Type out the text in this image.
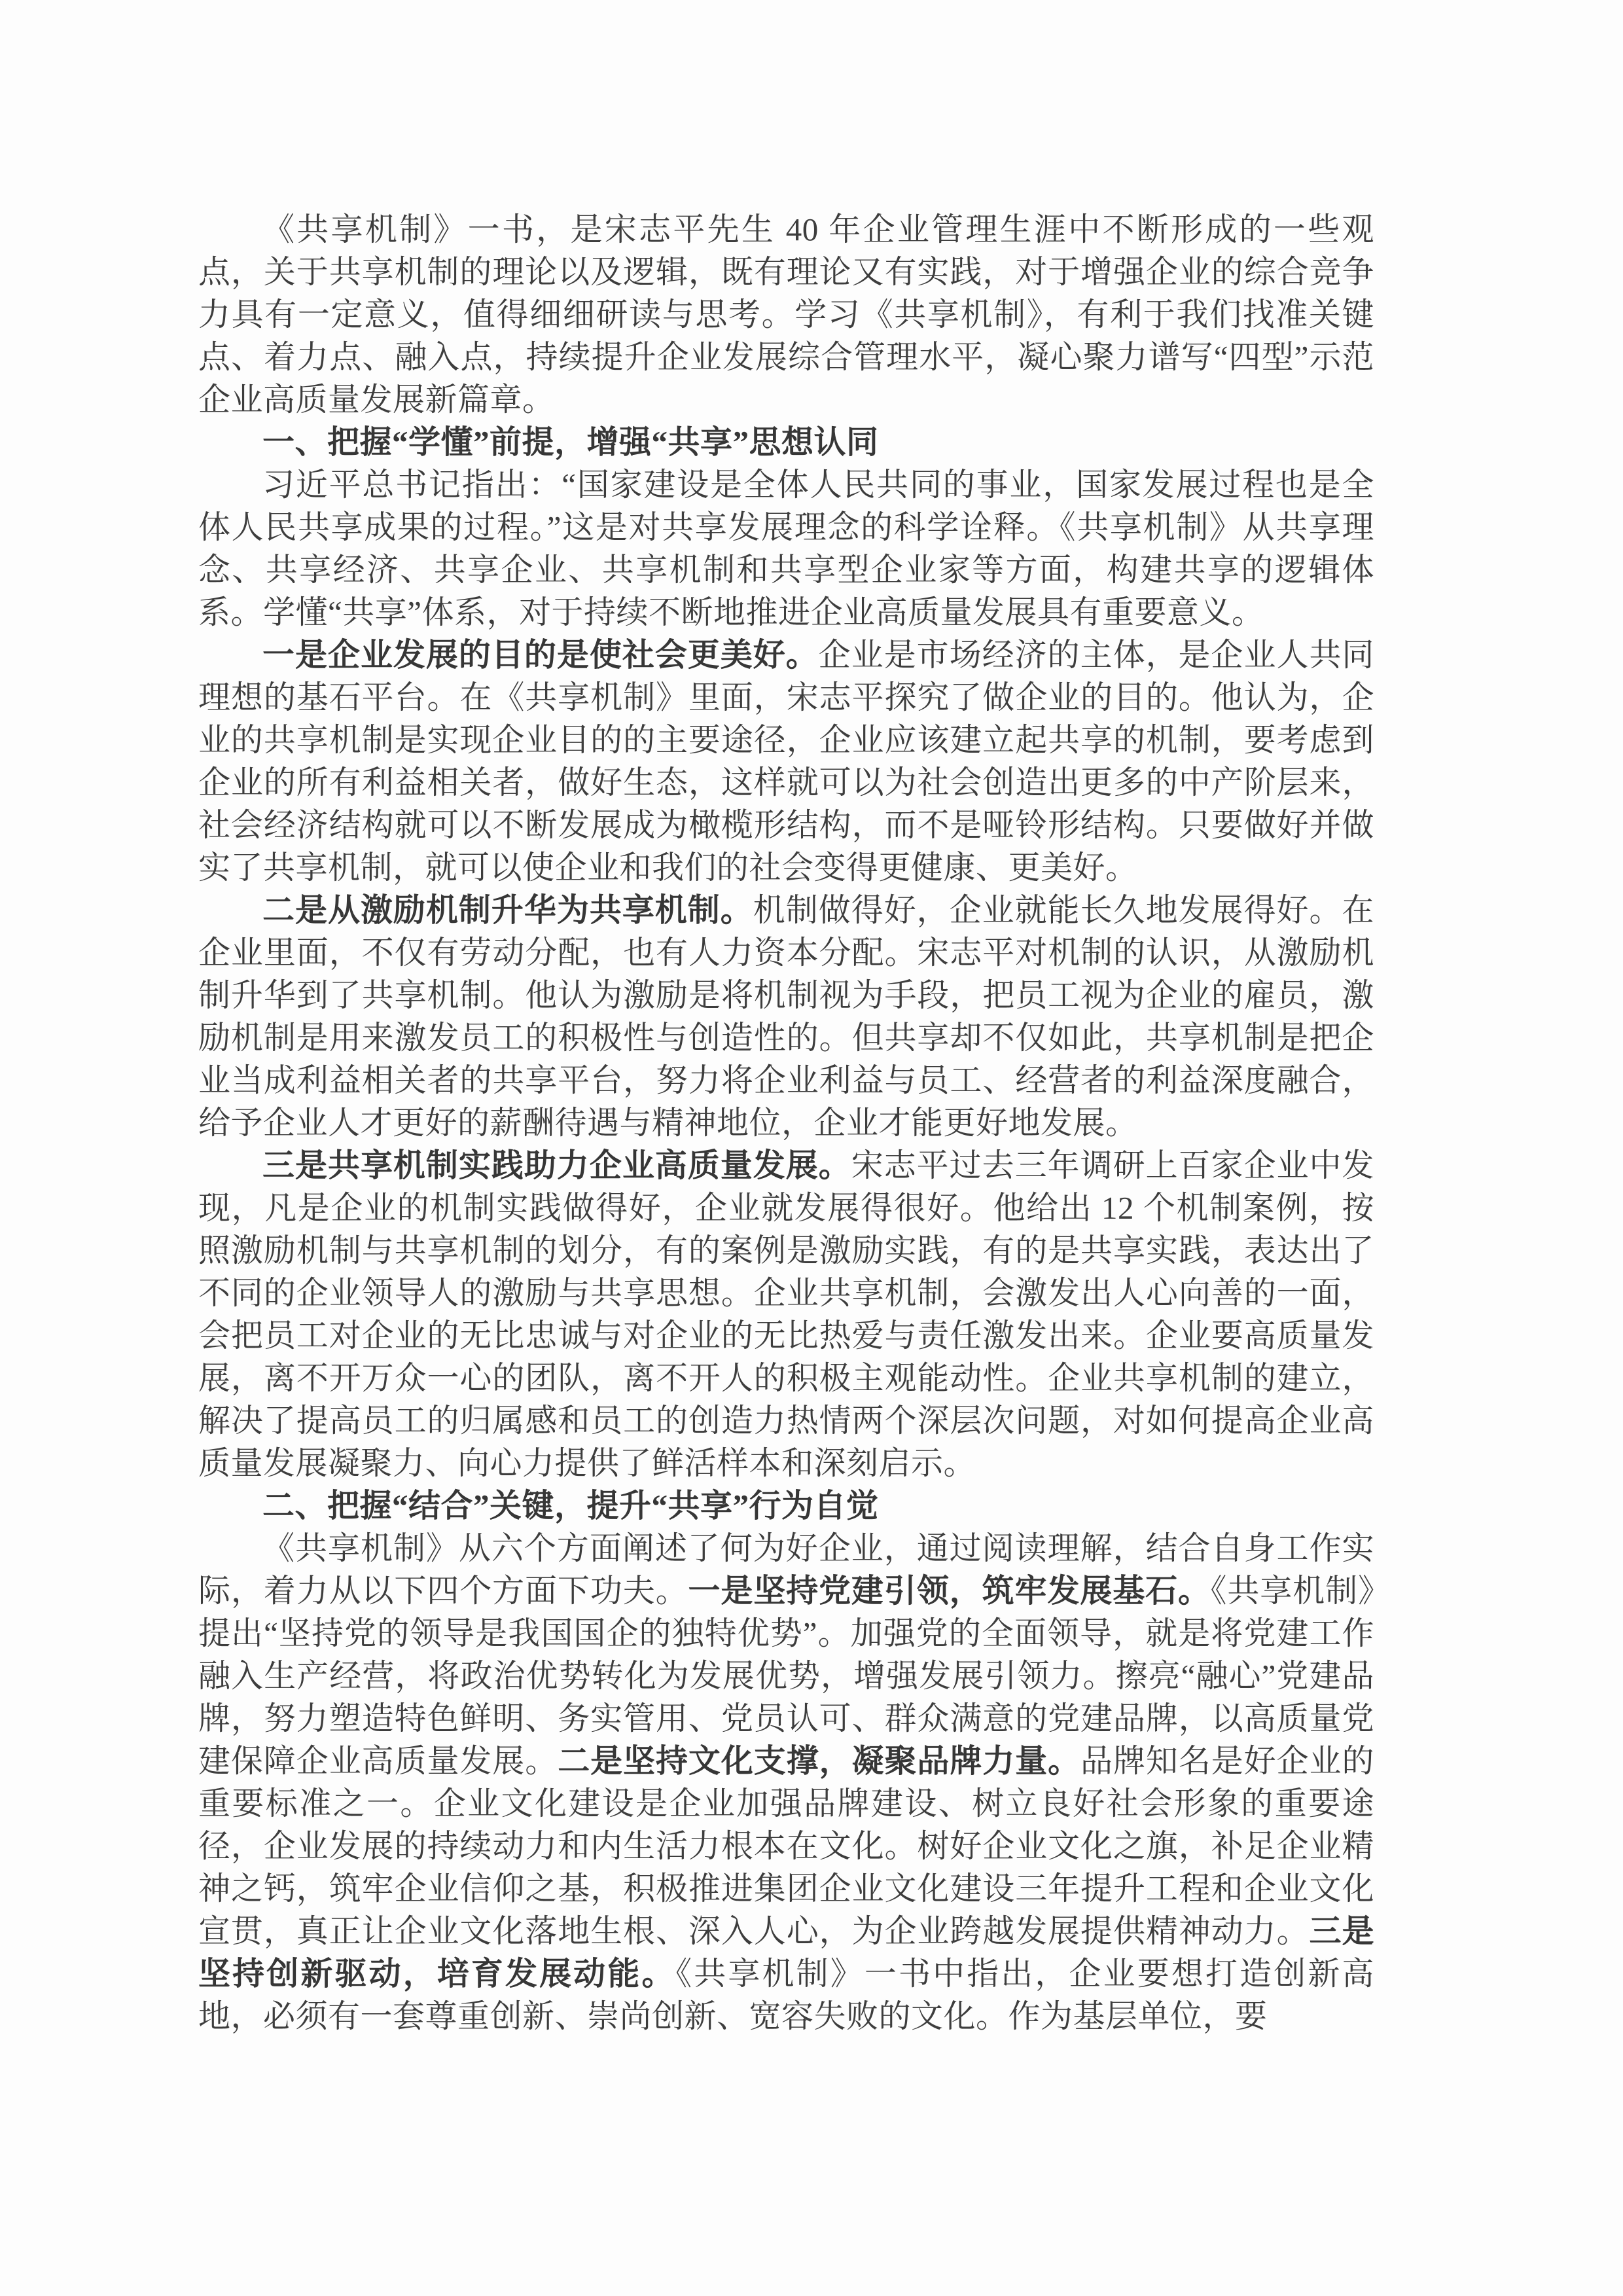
《共享机制》一书，是宋志平先生 40 年企业管理生涯中不断形成的一些观点，关于共享机制的理论以及逻辑，既有理论又有实践，对于增强企业的综合竞争力具有一定意义，值得细细研读与思考。学习《共享机制》，有利于我们找准关键点、着力点、融入点，持续提升企业发展综合管理水平，凝心聚力谱写“四型”示范企业高质量发展新篇章。

一、把握“学懂”前提，增强“共享”思想认同

习近平总书记指出：“国家建设是全体人民共同的事业，国家发展过程也是全体人民共享成果的过程。”这是对共享发展理念的科学诠释。《共享机制》从共享理念、共享经济、共享企业、共享机制和共享型企业家等方面，构建共享的逻辑体系。学懂“共享”体系，对于持续不断地推进企业高质量发展具有重要意义。

一是企业发展的目的是使社会更美好。企业是市场经济的主体，是企业人共同理想的基石平台。在《共享机制》里面，宋志平探究了做企业的目的。他认为，企业的共享机制是实现企业目的的主要途径，企业应该建立起共享的机制，要考虑到企业的所有利益相关者，做好生态，这样就可以为社会创造出更多的中产阶层来，社会经济结构就可以不断发展成为橄榄形结构，而不是哑铃形结构。只要做好并做实了共享机制，就可以使企业和我们的社会变得更健康、更美好。

二是从激励机制升华为共享机制。机制做得好，企业就能长久地发展得好。在企业里面，不仅有劳动分配，也有人力资本分配。宋志平对机制的认识，从激励机制升华到了共享机制。他认为激励是将机制视为手段，把员工视为企业的雇员，激励机制是用来激发员工的积极性与创造性的。但共享却不仅如此，共享机制是把企业当成利益相关者的共享平台，努力将企业利益与员工、经营者的利益深度融合，给予企业人才更好的薪酬待遇与精神地位，企业才能更好地发展。

三是共享机制实践助力企业高质量发展。宋志平过去三年调研上百家企业中发现，凡是企业的机制实践做得好，企业就发展得很好。他给出 12 个机制案例，按照激励机制与共享机制的划分，有的案例是激励实践，有的是共享实践，表达出了不同的企业领导人的激励与共享思想。企业共享机制，会激发出人心向善的一面，会把员工对企业的无比忠诚与对企业的无比热爱与责任激发出来。企业要高质量发展，离不开万众一心的团队，离不开人的积极主观能动性。企业共享机制的建立，解决了提高员工的归属感和员工的创造力热情两个深层次问题，对如何提高企业高质量发展凝聚力、向心力提供了鲜活样本和深刻启示。

二、把握“结合”关键，提升“共享”行为自觉

《共享机制》从六个方面阐述了何为好企业，通过阅读理解，结合自身工作实际，着力从以下四个方面下功夫。一是坚持党建引领，筑牢发展基石。《共享机制》提出“坚持党的领导是我国国企的独特优势”。加强党的全面领导，就是将党建工作融入生产经营，将政治优势转化为发展优势，增强发展引领力。擦亮“融心”党建品牌，努力塑造特色鲜明、务实管用、党员认可、群众满意的党建品牌，以高质量党建保障企业高质量发展。二是坚持文化支撑，凝聚品牌力量。品牌知名是好企业的重要标准之一。企业文化建设是企业加强品牌建设、树立良好社会形象的重要途径，企业发展的持续动力和内生活力根本在文化。树好企业文化之旗，补足企业精神之钙，筑牢企业信仰之基，积极推进集团企业文化建设三年提升工程和企业文化宣贯，真正让企业文化落地生根、深入人心，为企业跨越发展提供精神动力。三是坚持创新驱动，培育发展动能。《共享机制》一书中指出，企业要想打造创新高地，必须有一套尊重创新、崇尚创新、宽容失败的文化。作为基层单位，要
